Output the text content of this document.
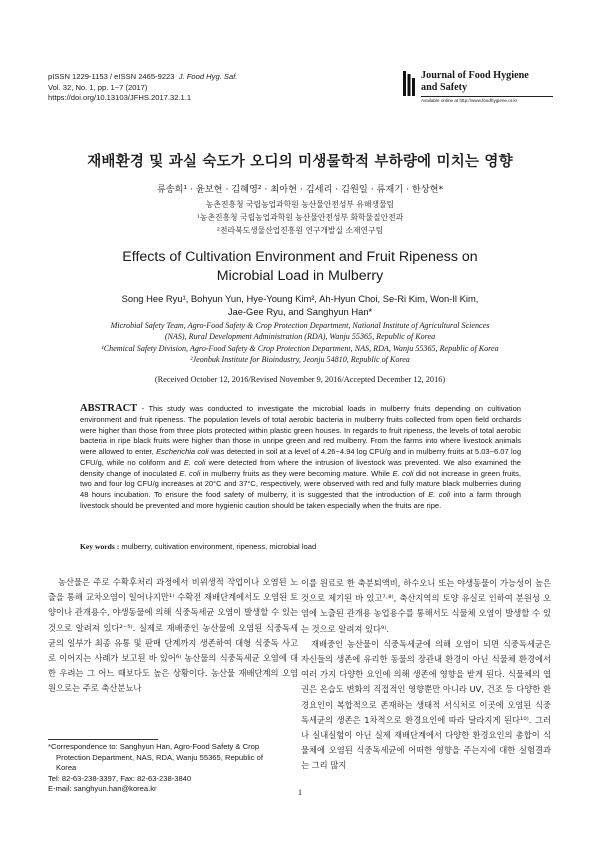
pISSN 1229-1153 / eISSN 2465-9223 J. Food Hyg. Saf.
Vol. 32, No. 1, pp. 1~7 (2017)
https://doi.org/10.13103/JFHS.2017.32.1.1
Journal of Food Hygiene
and Safety
Available online at http://www.foodhygiene.or.kr
재배환경 및 과실 숙도가 오디의 미생물학적 부하량에 미치는 영향
류송희¹ · 윤보현 · 김혜영² · 최아현 · 김세리 · 김원일 · 류재기 · 한상현*
농촌진흥청 국립농업과학원 농산물안전성부 유해생물팀
¹농촌진흥청 국립농업과학원 농산물안전성부 화학물질안전과
²전라북도생물산업진흥원 연구개발실 소재연구팀
Effects of Cultivation Environment and Fruit Ripeness on
Microbial Load in Mulberry
Song Hee Ryu¹, Bohyun Yun, Hye-Young Kim², Ah-Hyun Choi, Se-Ri Kim, Won-Il Kim,
Jae-Gee Ryu, and Sanghyun Han*
Microbial Safety Team, Agro-Food Safety & Crop Protection Department, National Institute of Agricultural Sciences
(NAS), Rural Development Administration (RDA), Wanju 55365, Republic of Korea
¹Chemical Safety Division, Agro-Food Safety & Crop Protection Department, NAS, RDA, Wanju 55365, Republic of Korea
²Jeonbuk Institute for Bioindustry, Jeonju 54810, Republic of Korea
(Received October 12, 2016/Revised November 9, 2016/Accepted December 12, 2016)
ABSTRACT - This study was conducted to investigate the microbial loads in mulberry fruits depending on cultivation environment and fruit ripeness. The population levels of total aerobic bacteria in mulberry fruits collected from open field orchards were higher than those from three plots protected within plastic green houses. In regards to fruit ripeness, the levels of total aerobic bacteria in ripe black fruits were higher than those in unripe green and red mulberry. From the farms into where livestock animals were allowed to enter, Escherichia coli was detected in soil at a level of 4.26~4.94 log CFU/g and in mulberry fruits at 5.03~6.07 log CFU/g, while no coliform and E. coli were detected from where the intrusion of livestock was prevented. We also examined the density change of inoculated E. coli in mulberry fruits as they were becoming mature. While E. coli did not increase in green fruits, two and four log CFU/g increases at 20°C and 37°C, respectively, were observed with red and fully mature black mulberries during 48 hours incubation. To ensure the food safety of mulberry, it is suggested that the introduction of E. coli into a farm through livestock should be prevented and more hygienic caution should be taken especially when the fruits are ripe.
Key words : mulberry, cultivation environment, ripeness, microbial load

농산물은 주로 수확후처리 과정에서 비위생적 작업이나 오염된 노출을 통해 교차오염이 일어나지만¹⁾ 수확전 재배단계에서도 오염된 토양이나 관개용수, 야생동물에 의해 식중독세균 오염이 발생할 수 있는 것으로 알려져 있다²⁻⁵⁾. 실제로 재배중인 농산물에 오염된 식중독세균의 일부가 최종 유통 및 판매 단계까지 생존하여 대형 식중독 사고로 이어지는 사례가 보고된 바 있어⁶⁾ 농산물의 식중독세균 오염에 대한 우려는 그 어느 때보다도 높은 상황이다. 농산물 재배단계의 오염원으로는 주로 축산분뇨나

이를 원료로 한 축분퇴액비, 하수오니 또는 야생동물이 가능성이 높은 것으로 제기된 바 있고⁷·⁸⁾, 축산지역의 토양 유실로 인하여 분원성 오염에 노출된 관개용 농업용수를 통해서도 식물체 오염이 발생할 수 있는 것으로 알려져 있다⁹⁾.

재배중인 농산물이 식중독세균에 의해 오염이 되면 식중독세균은 자신들의 생존에 유리한 동물의 장관내 환경이 아닌 식물체 환경에서 여러 가지 다양한 요인에 의해 생존에 영향을 받게 된다. 식물체의 엽권은 온습도 변화의 직접적인 영향뿐만 아니라 UV, 건조 등 다양한 환경요인이 복합적으로 존재하는 생태적 서식처로 이곳에 오염된 식중독세균의 생존은 1차적으로 환경요인에 따라 달라지게 된다¹⁰⁾. 그러나 실내실험이 아닌 실제 재배단계에서 다양한 환경요인의 총합이 식물체에 오염된 식중독세균에 어떠한 영향을 주는지에 대한 실험결과는 그리 많지

*Correspondence to: Sanghyun Han, Agro-Food Safety & Crop
Protection Department, NAS, RDA, Wanju 55365, Republic of
Korea
Tel: 82-63-238-3397, Fax: 82-63-238-3840
E-mail: sanghyun.han@korea.kr	1
